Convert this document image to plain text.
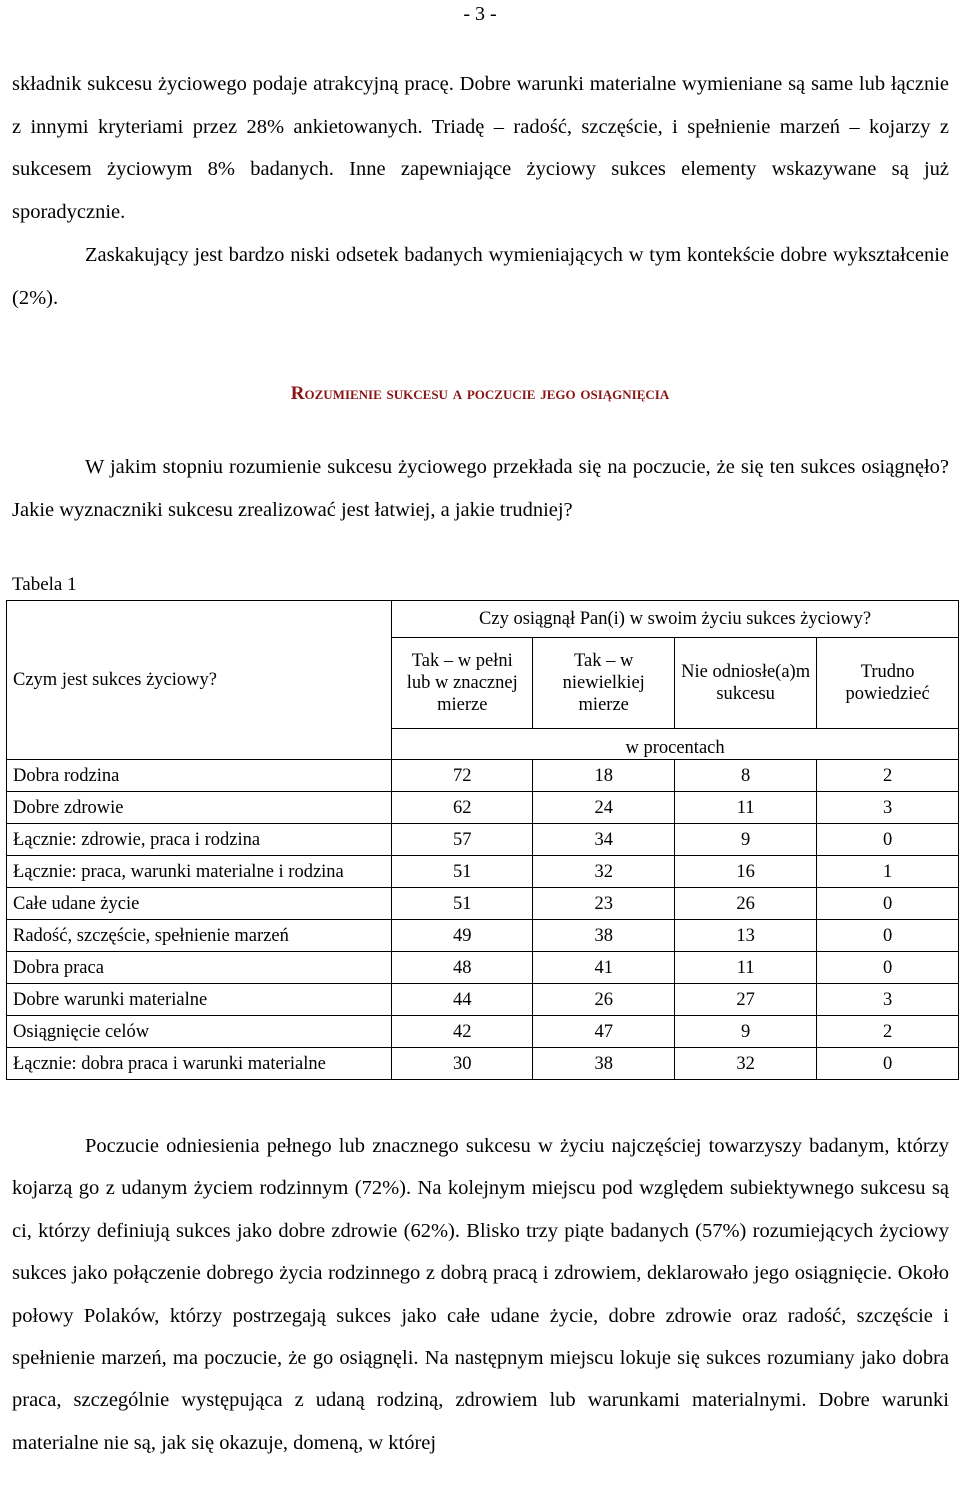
- 3 -

składnik sukcesu życiowego podaje atrakcyjną pracę. Dobre warunki materialne wymieniane są same lub łącznie z innymi kryteriami przez 28% ankietowanych. Triadę – radość, szczęście, i spełnienie marzeń – kojarzy z sukcesem życiowym 8% badanych. Inne zapewniające życiowy sukces elementy wskazywane są już sporadycznie.
Zaskakujący jest bardzo niski odsetek badanych wymieniających w tym kontekście dobre wykształcenie (2%).

Rozumienie sukcesu a poczucie jego osiągnięcia

W jakim stopniu rozumienie sukcesu życiowego przekłada się na poczucie, że się ten sukces osiągnęło? Jakie wyznaczniki sukcesu zrealizować jest łatwiej, a jakie trudniej?

Tabela 1
Czym jest sukces życiowy?	Czy osiągnął Pan(i) w swoim życiu sukces życiowy?			
	Tak – w pełni lub w znacznej mierze	Tak – w niewielkiej mierze	Nie odniosłe(a)m sukcesu	Trudno powiedzieć
	w procentach			
Dobra rodzina	72	18	8	2
Dobre zdrowie	62	24	11	3
Łącznie: zdrowie, praca i rodzina	57	34	9	0
Łącznie: praca, warunki materialne i rodzina	51	32	16	1
Całe udane życie	51	23	26	0
Radość, szczęście, spełnienie marzeń	49	38	13	0
Dobra praca	48	41	11	0
Dobre warunki materialne	44	26	27	3
Osiągnięcie celów	42	47	9	2
Łącznie: dobra praca i warunki materialne	30	38	32	0

Poczucie odniesienia pełnego lub znacznego sukcesu w życiu najczęściej towarzyszy badanym, którzy kojarzą go z udanym życiem rodzinnym (72%). Na kolejnym miejscu pod względem subiektywnego sukcesu są ci, którzy definiują sukces jako dobre zdrowie (62%). Blisko trzy piąte badanych (57%) rozumiejących życiowy sukces jako połączenie dobrego życia rodzinnego z dobrą pracą i zdrowiem, deklarowało jego osiągnięcie. Około połowy Polaków, którzy postrzegają sukces jako całe udane życie, dobre zdrowie oraz radość, szczęście i spełnienie marzeń, ma poczucie, że go osiągnęli. Na następnym miejscu lokuje się sukces rozumiany jako dobra praca, szczególnie występująca z udaną rodziną, zdrowiem lub warunkami materialnymi. Dobre warunki materialne nie są, jak się okazuje, domeną, w której
